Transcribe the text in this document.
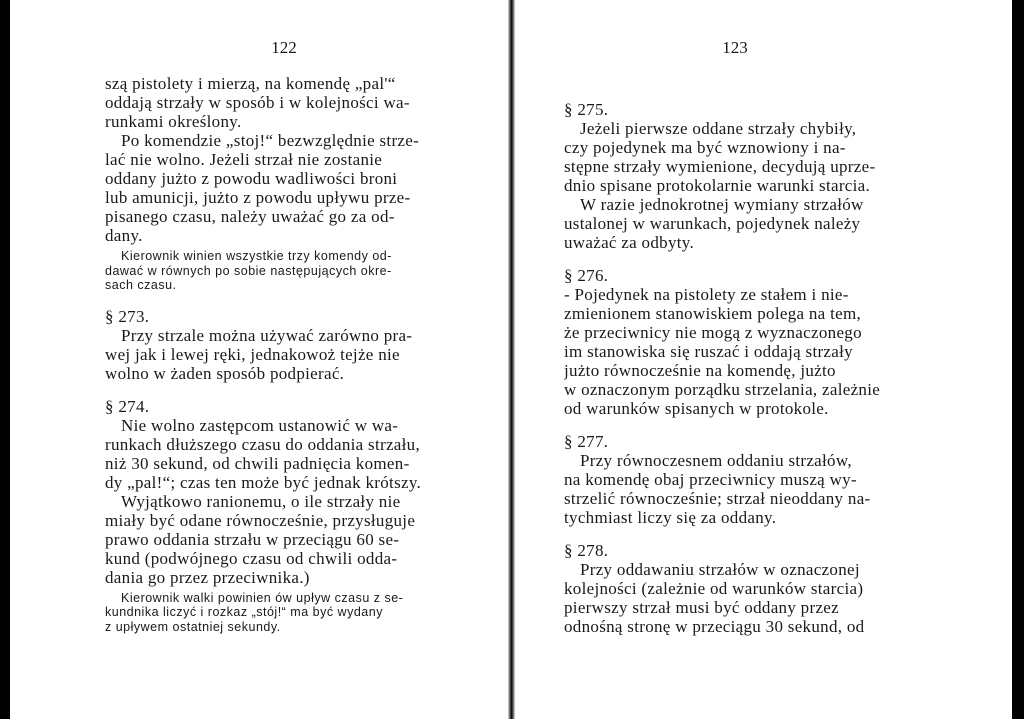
122

szą pistolety i mierzą, na komendę „pal'“
oddają strzały w sposób i w kolejności wa-
runkami określony.

Po komendzie „stoj!“ bezwzględnie strze-
lać nie wolno. Jeżeli strzał nie zostanie
oddany jużto z powodu wadliwości broni
lub amunicji, jużto z powodu upływu prze-
pisanego czasu, należy uważać go za od-
dany.

Kierownik winien wszystkie trzy komendy od-
dawać w równych po sobie następujących okre-
sach czasu.

§ 273.

Przy strzale można używać zarówno pra-
wej jak i lewej ręki, jednakowoż tejże nie
wolno w żaden sposób podpierać.

§ 274.

Nie wolno zastępcom ustanowić w wa-
runkach dłuższego czasu do oddania strzału,
niż 30 sekund, od chwili padnięcia komen-
dy „pal!“; czas ten może być jednak krótszy.
Wyjątkowo ranionemu, o ile strzały nie
miały być odane równocześnie, przysługuje
prawo oddania strzału w przeciągu 60 se-
kund (podwójnego czasu od chwili odda-
dania go przez przeciwnika.)

Kierownik walki powinien ów upływ czasu z se-
kundnika liczyć i rozkaz „stój!“ ma być wydany
z upływem ostatniej sekundy.
123

§ 275.

Jeżeli pierwsze oddane strzały chybiły,
czy pojedynek ma być wznowiony i na-
stępne strzały wymienione, decydują uprze-
dnio spisane protokolarnie warunki starcia.
W razie jednokrotnej wymiany strzałów
ustalonej w warunkach, pojedynek należy
uważać za odbyty.

§ 276.

- Pojedynek na pistolety ze stałem i nie-
zmienionem stanowiskiem polega na tem,
że przeciwnicy nie mogą z wyznaczonego
im stanowiska się ruszać i oddają strzały
jużto równocześnie na komendę, jużto
w oznaczonym porządku strzelania, zależnie
od warunków spisanych w protokole.

§ 277.

Przy równoczesnem oddaniu strzałów,
na komendę obaj przeciwnicy muszą wy-
strzelić równocześnie; strzał nieoddany na-
tychmiast liczy się za oddany.

§ 278.

Przy oddawaniu strzałów w oznaczonej
kolejności (zależnie od warunków starcia)
pierwszy strzał musi być oddany przez
odnośną stronę w przeciągu 30 sekund, od
